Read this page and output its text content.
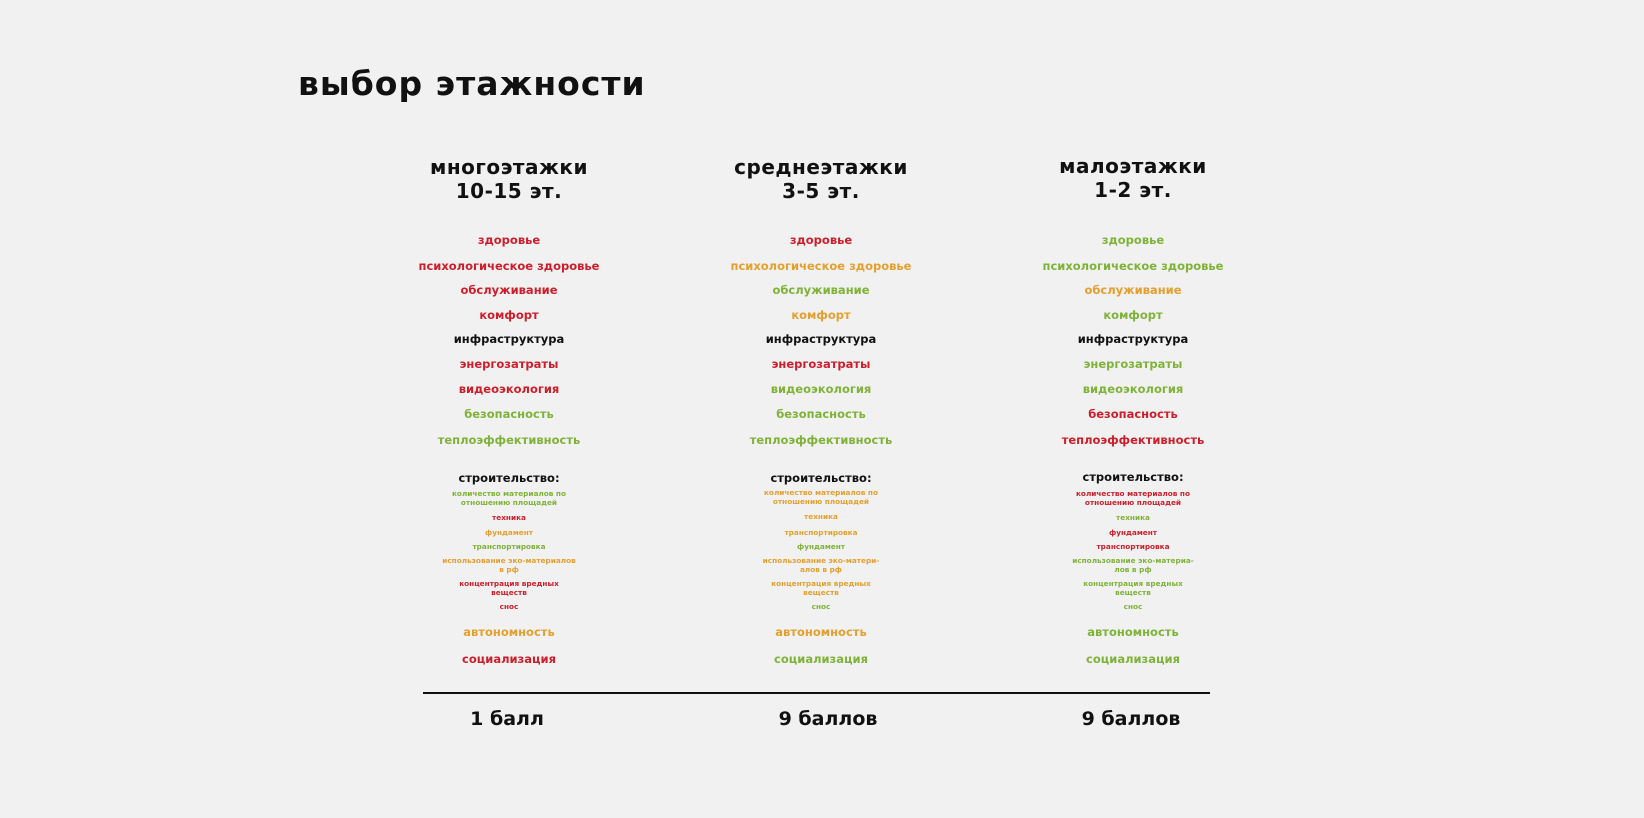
выбор этажности
многоэтажки
10-15 эт.
здоровье
психологическое здоровье
обслуживание
комфорт
инфраструктура
энергозатраты
видеоэкология
безопасность
теплоэффективность
строительство:
количество материалов по
отношению площадей
техника
фундамент
транспортировка
использование эко-материалов
в рф
концентрация вредных
веществ
снос
автономность
социализация
среднеэтажки
3-5 эт.
здоровье
психологическое здоровье
обслуживание
комфорт
инфраструктура
энергозатраты
видеоэкология
безопасность
теплоэффективность
строительство:
количество материалов по
отношению площадей
техника
транспортировка
фундамент
использование эко-матери-
алов в рф
концентрация вредных
веществ
снос
автономность
социализация
малоэтажки
1-2 эт.
здоровье
психологическое здоровье
обслуживание
комфорт
инфраструктура
энергозатраты
видеоэкология
безопасность
теплоэффективность
строительство:
количество материалов по
отношению площадей
техника
фундамент
транспортировка
использование эко-материа-
лов в рф
концентрация вредных
веществ
снос
автономность
социализация
1 балл	9 баллов	9 баллов
